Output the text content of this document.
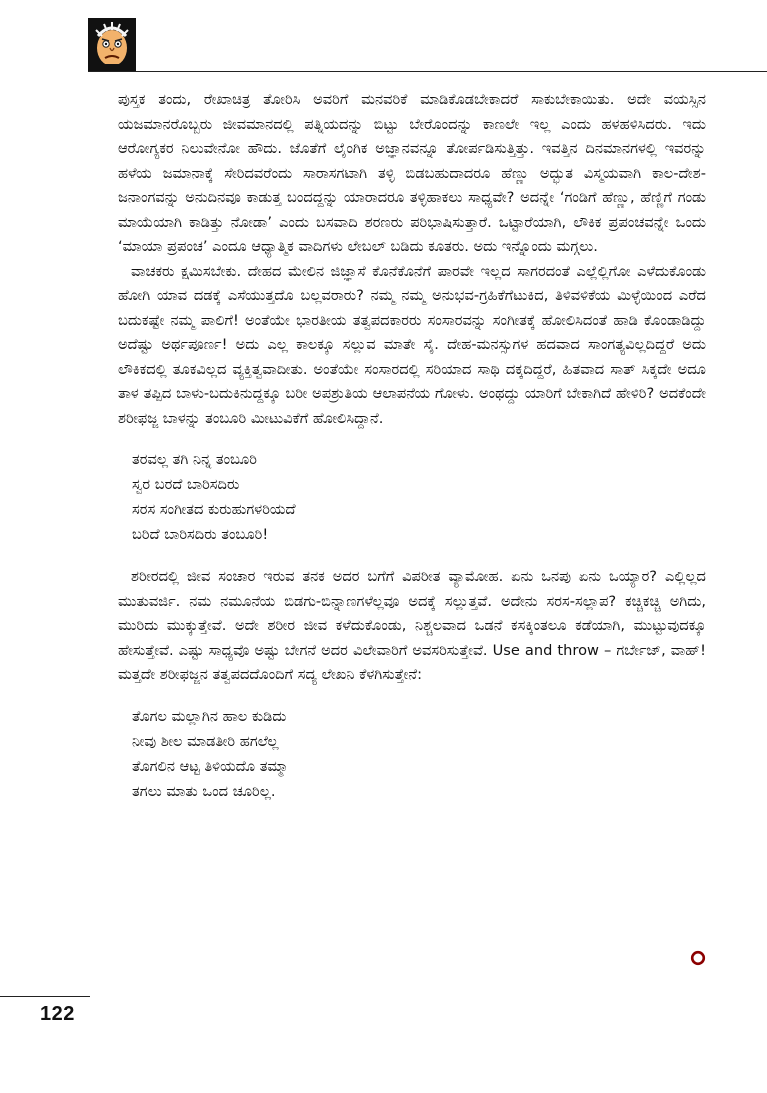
ಪುಸ್ತಕ ತಂದು, ರೇಖಾಚಿತ್ರ ತೋರಿಸಿ ಅವರಿಗೆ ಮನವರಿಕೆ ಮಾಡಿಕೊಡಬೇಕಾದರೆ ಸಾಕುಬೇಕಾಯಿತು. ಅದೇ ವಯಸ್ಸಿನ ಯಜಮಾನರೊಬ್ಬರು ಜೀವಮಾನದಲ್ಲಿ ಪತ್ನಿಯದನ್ನು ಬಿಟ್ಟು ಬೇರೊಂದನ್ನು ಕಾಣಲೇ ಇಲ್ಲ ಎಂದು ಹಳಹಳಿಸಿದರು. ಇದು ಆರೋಗ್ಯಕರ ನಿಲುವೇನೋ ಹೌದು. ಜೊತೆಗೆ ಲೈಂಗಿಕ ಅಜ್ಞಾನವನ್ನೂ ತೋರ್ಪಡಿಸುತ್ತಿತ್ತು. ಇವತ್ತಿನ ದಿನಮಾನಗಳಲ್ಲಿ ಇವರನ್ನು ಹಳೆಯ ಜಮಾನಾಕ್ಕೆ ಸೇರಿದವರೆಂದು ಸಾರಾಸಗಟಾಗಿ ತಳ್ಳಿ ಬಿಡಬಹುದಾದರೂ ಹೆಣ್ಣು ಅದ್ಭುತ ವಿಸ್ಮಯವಾಗಿ ಕಾಲ-ದೇಶ-ಜನಾಂಗವನ್ನು ಅನುದಿನವೂ ಕಾಡುತ್ತ ಬಂದದ್ದನ್ನು ಯಾರಾದರೂ ತಳ್ಳಿಹಾಕಲು ಸಾಧ್ಯವೇ? ಅದನ್ನೇ ‘ಗಂಡಿಗೆ ಹೆಣ್ಣು, ಹೆಣ್ಣಿಗೆ ಗಂಡು ಮಾಯೆಯಾಗಿ ಕಾಡಿತ್ತು ನೋಡಾ’ ಎಂದು ಬಸವಾದಿ ಶರಣರು ಪರಿಭಾಷಿಸುತ್ತಾರೆ. ಒಟ್ಟಾರೆಯಾಗಿ, ಲೌಕಿಕ ಪ್ರಪಂಚವನ್ನೇ ಒಂದು ‘ಮಾಯಾ ಪ್ರಪಂಚ’ ಎಂದೂ ಆಧ್ಯಾತ್ಮಿಕ ವಾದಿಗಳು ಲೇಬಲ್ ಬಡಿದು ಕೂತರು. ಅದು ಇನ್ನೊಂದು ಮಗ್ಗಲು.

ವಾಚಕರು ಕ್ಷಮಿಸಬೇಕು. ದೇಹದ ಮೇಲಿನ ಜಿಜ್ಞಾಸೆ ಕೊನೆಕೊನೆಗೆ ಪಾರವೇ ಇಲ್ಲದ ಸಾಗರದಂತೆ ಎಲ್ಲೆಲ್ಲಿಗೋ ಎಳೆದುಕೊಂಡು ಹೋಗಿ ಯಾವ ದಡಕ್ಕೆ ಎಸೆಯುತ್ತದೊ ಬಲ್ಲವರಾರು? ನಮ್ಮ ನಮ್ಮ ಅನುಭವ-ಗ್ರಹಿಕೆಗೆಟುಕಿದ, ತಿಳಿವಳಿಕೆಯ ಮಿಳ್ಳೆಯಿಂದ ಎರೆದ ಬದುಕಷ್ಟೇ ನಮ್ಮ ಪಾಲಿಗೆ! ಅಂತೆಯೇ ಭಾರತೀಯ ತತ್ವಪದಕಾರರು ಸಂಸಾರವನ್ನು ಸಂಗೀತಕ್ಕೆ ಹೋಲಿಸಿದಂತೆ ಹಾಡಿ ಕೊಂಡಾಡಿದ್ದು ಅದೆಷ್ಟು ಅರ್ಥಪೂರ್ಣ! ಅದು ಎಲ್ಲ ಕಾಲಕ್ಕೂ ಸಲ್ಲುವ ಮಾತೇ ಸೈ. ದೇಹ-ಮನಸ್ಸುಗಳ ಹದವಾದ ಸಾಂಗತ್ಯವಿಲ್ಲದಿದ್ದರೆ ಅದು ಲೌಕಿಕದಲ್ಲಿ ತೂಕವಿಲ್ಲದ ವ್ಯಕ್ತಿತ್ವವಾದೀತು. ಅಂತೆಯೇ ಸಂಸಾರದಲ್ಲಿ ಸರಿಯಾದ ಸಾಥಿ ದಕ್ಕದಿದ್ದರೆ, ಹಿತವಾದ ಸಾತ್ ಸಿಕ್ಕದೇ ಅದೂ ತಾಳ ತಪ್ಪಿದ ಬಾಳು-ಬದುಕಿನುದ್ದಕ್ಕೂ ಬರೀ ಅಪಶ್ರುತಿಯ ಆಲಾಪನೆಯ ಗೋಳು. ಅಂಥದ್ದು ಯಾರಿಗೆ ಬೇಕಾಗಿದೆ ಹೇಳಿರಿ? ಅದಕೆಂದೇ ಶರೀಫಜ್ಜ ಬಾಳನ್ನು ತಂಬೂರಿ ಮೀಟುವಿಕೆಗೆ ಹೋಲಿಸಿದ್ದಾನೆ.

ತರವಲ್ಲ ತಗಿ ನಿನ್ನ ತಂಬೂರಿ
ಸ್ವರ ಬರದೆ ಬಾರಿಸದಿರು
ಸರಸ ಸಂಗೀತದ ಕುರುಹುಗಳರಿಯದೆ
ಬರಿದೆ ಬಾರಿಸದಿರು ತಂಬೂರಿ!

ಶರೀರದಲ್ಲಿ ಜೀವ ಸಂಚಾರ ಇರುವ ತನಕ ಅದರ ಬಗೆಗೆ ವಿಪರೀತ ವ್ಯಾಮೋಹ. ಏನು ಒನಪು ಏನು ಒಯ್ಯಾರ? ಎಲ್ಲಿಲ್ಲದ ಮುತುವರ್ಜಿ. ನಮ ನಮೂನೆಯ ಬಿಡಗು-ಬಿನ್ನಾಣಗಳೆಲ್ಲವೂ ಅದಕ್ಕೆ ಸಲ್ಲುತ್ತವೆ. ಅದೇನು ಸರಸ-ಸಲ್ಲಾಪ? ಕಚ್ಚಿಕಚ್ಚಿ ಅಗಿದು, ಮುರಿದು ಮುಕ್ಕುತ್ತೇವೆ. ಅದೇ ಶರೀರ ಜೀವ ಕಳೆದುಕೊಂಡು, ನಿಶ್ಚಲವಾದ ಒಡನೆ ಕಸಕ್ಕಿಂತಲೂ ಕಡೆಯಾಗಿ, ಮುಟ್ಟುವುದಕ್ಕೂ ಹೇಸುತ್ತೇವೆ. ಎಷ್ಟು ಸಾಧ್ಯವೊ ಅಷ್ಟು ಬೇಗನೆ ಅದರ ವಿಲೇವಾರಿಗೆ ಅವಸರಿಸುತ್ತೇವೆ. Use and throw – ಗರ್ಬೇಜ್, ವಾಹ್! ಮತ್ತದೇ ಶರೀಫಜ್ಜನ ತತ್ವಪದದೊಂದಿಗೆ ಸದ್ಯ ಲೇಖನಿ ಕೆಳಗಿಸುತ್ತೇನೆ:

ತೊಗಲ ಮಲ್ಲಾಗಿನ ಹಾಲ ಕುಡಿದು
ನೀವು ಶೀಲ ಮಾಡತೀರಿ ಹಗಲೆಲ್ಲ
ತೊಗಲಿನ ಆಟ್ಟ ತಿಳಿಯದೊ ತಮ್ಮಾ
ತಗಲು ಮಾತು ಒಂದ ಚೂರಿಲ್ಲ.
122
